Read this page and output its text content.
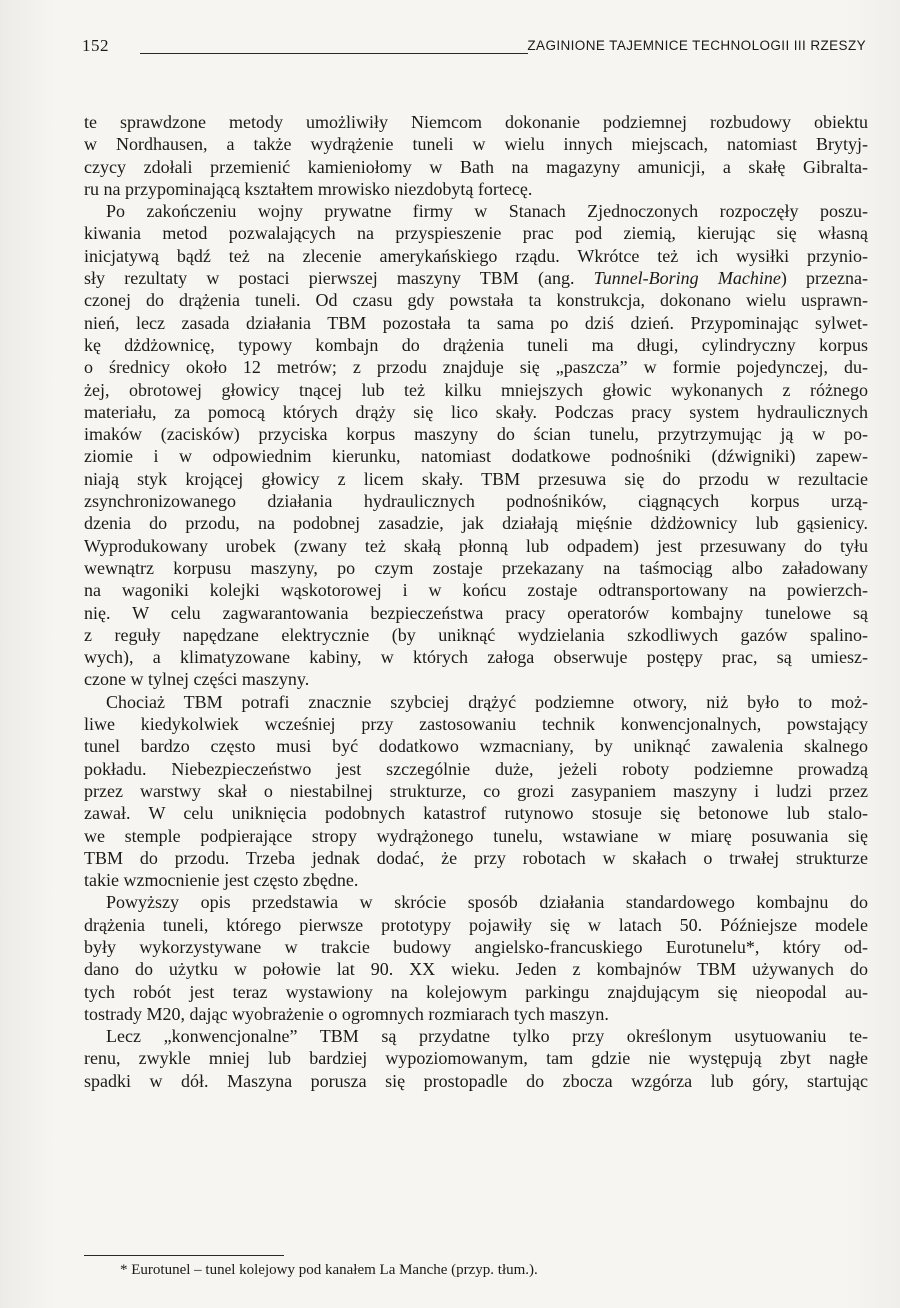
152	ZAGINIONE TAJEMNICE TECHNOLOGII III RZESZY

te sprawdzone metody umożliwiły Niemcom dokonanie podziemnej rozbudowy obiektu
w Nordhausen, a także wydrążenie tuneli w wielu innych miejscach, natomiast Brytyj-
czycy zdołali przemienić kamieniołomy w Bath na magazyny amunicji, a skałę Gibralta-
ru na przypominającą kształtem mrowisko niezdobytą fortecę.

Po zakończeniu wojny prywatne firmy w Stanach Zjednoczonych rozpoczęły poszu-
kiwania metod pozwalających na przyspieszenie prac pod ziemią, kierując się własną
inicjatywą bądź też na zlecenie amerykańskiego rządu. Wkrótce też ich wysiłki przynio-
sły rezultaty w postaci pierwszej maszyny TBM (ang. Tunnel-Boring Machine) przezna-
czonej do drążenia tuneli. Od czasu gdy powstała ta konstrukcja, dokonano wielu usprawn-
nień, lecz zasada działania TBM pozostała ta sama po dziś dzień. Przypominając sylwet-
kę dżdżownicę, typowy kombajn do drążenia tuneli ma długi, cylindryczny korpus
o średnicy około 12 metrów; z przodu znajduje się „paszcza” w formie pojedynczej, du-
żej, obrotowej głowicy tnącej lub też kilku mniejszych głowic wykonanych z różnego
materiału, za pomocą których drąży się lico skały. Podczas pracy system hydraulicznych
imaków (zacisków) przyciska korpus maszyny do ścian tunelu, przytrzymując ją w po-
ziomie i w odpowiednim kierunku, natomiast dodatkowe podnośniki (dźwigniki) zapew-
niają styk krojącej głowicy z licem skały. TBM przesuwa się do przodu w rezultacie
zsynchronizowanego działania hydraulicznych podnośników, ciągnących korpus urzą-
dzenia do przodu, na podobnej zasadzie, jak działają mięśnie dżdżownicy lub gąsienicy.
Wyprodukowany urobek (zwany też skałą płonną lub odpadem) jest przesuwany do tyłu
wewnątrz korpusu maszyny, po czym zostaje przekazany na taśmociąg albo załadowany
na wagoniki kolejki wąskotorowej i w końcu zostaje odtransportowany na powierzch-
nię. W celu zagwarantowania bezpieczeństwa pracy operatorów kombajny tunelowe są
z reguły napędzane elektrycznie (by uniknąć wydzielania szkodliwych gazów spalino-
wych), a klimatyzowane kabiny, w których załoga obserwuje postępy prac, są umiesz-
czone w tylnej części maszyny.

Chociaż TBM potrafi znacznie szybciej drążyć podziemne otwory, niż było to moż-
liwe kiedykolwiek wcześniej przy zastosowaniu technik konwencjonalnych, powstający
tunel bardzo często musi być dodatkowo wzmacniany, by uniknąć zawalenia skalnego
pokładu. Niebezpieczeństwo jest szczególnie duże, jeżeli roboty podziemne prowadzą
przez warstwy skał o niestabilnej strukturze, co grozi zasypaniem maszyny i ludzi przez
zawał. W celu uniknięcia podobnych katastrof rutynowo stosuje się betonowe lub stalo-
we stemple podpierające stropy wydrążonego tunelu, wstawiane w miarę posuwania się
TBM do przodu. Trzeba jednak dodać, że przy robotach w skałach o trwałej strukturze
takie wzmocnienie jest często zbędne.

Powyższy opis przedstawia w skrócie sposób działania standardowego kombajnu do
drążenia tuneli, którego pierwsze prototypy pojawiły się w latach 50. Późniejsze modele
były wykorzystywane w trakcie budowy angielsko-francuskiego Eurotunelu*, który od-
dano do użytku w połowie lat 90. XX wieku. Jeden z kombajnów TBM używanych do
tych robót jest teraz wystawiony na kolejowym parkingu znajdującym się nieopodal au-
tostrady M20, dając wyobrażenie o ogromnych rozmiarach tych maszyn.

Lecz „konwencjonalne” TBM są przydatne tylko przy określonym usytuowaniu te-
renu, zwykle mniej lub bardziej wypoziomowanym, tam gdzie nie występują zbyt nagłe
spadki w dół. Maszyna porusza się prostopadle do zbocza wzgórza lub góry, startując

* Eurotunel – tunel kolejowy pod kanałem La Manche (przyp. tłum.).
